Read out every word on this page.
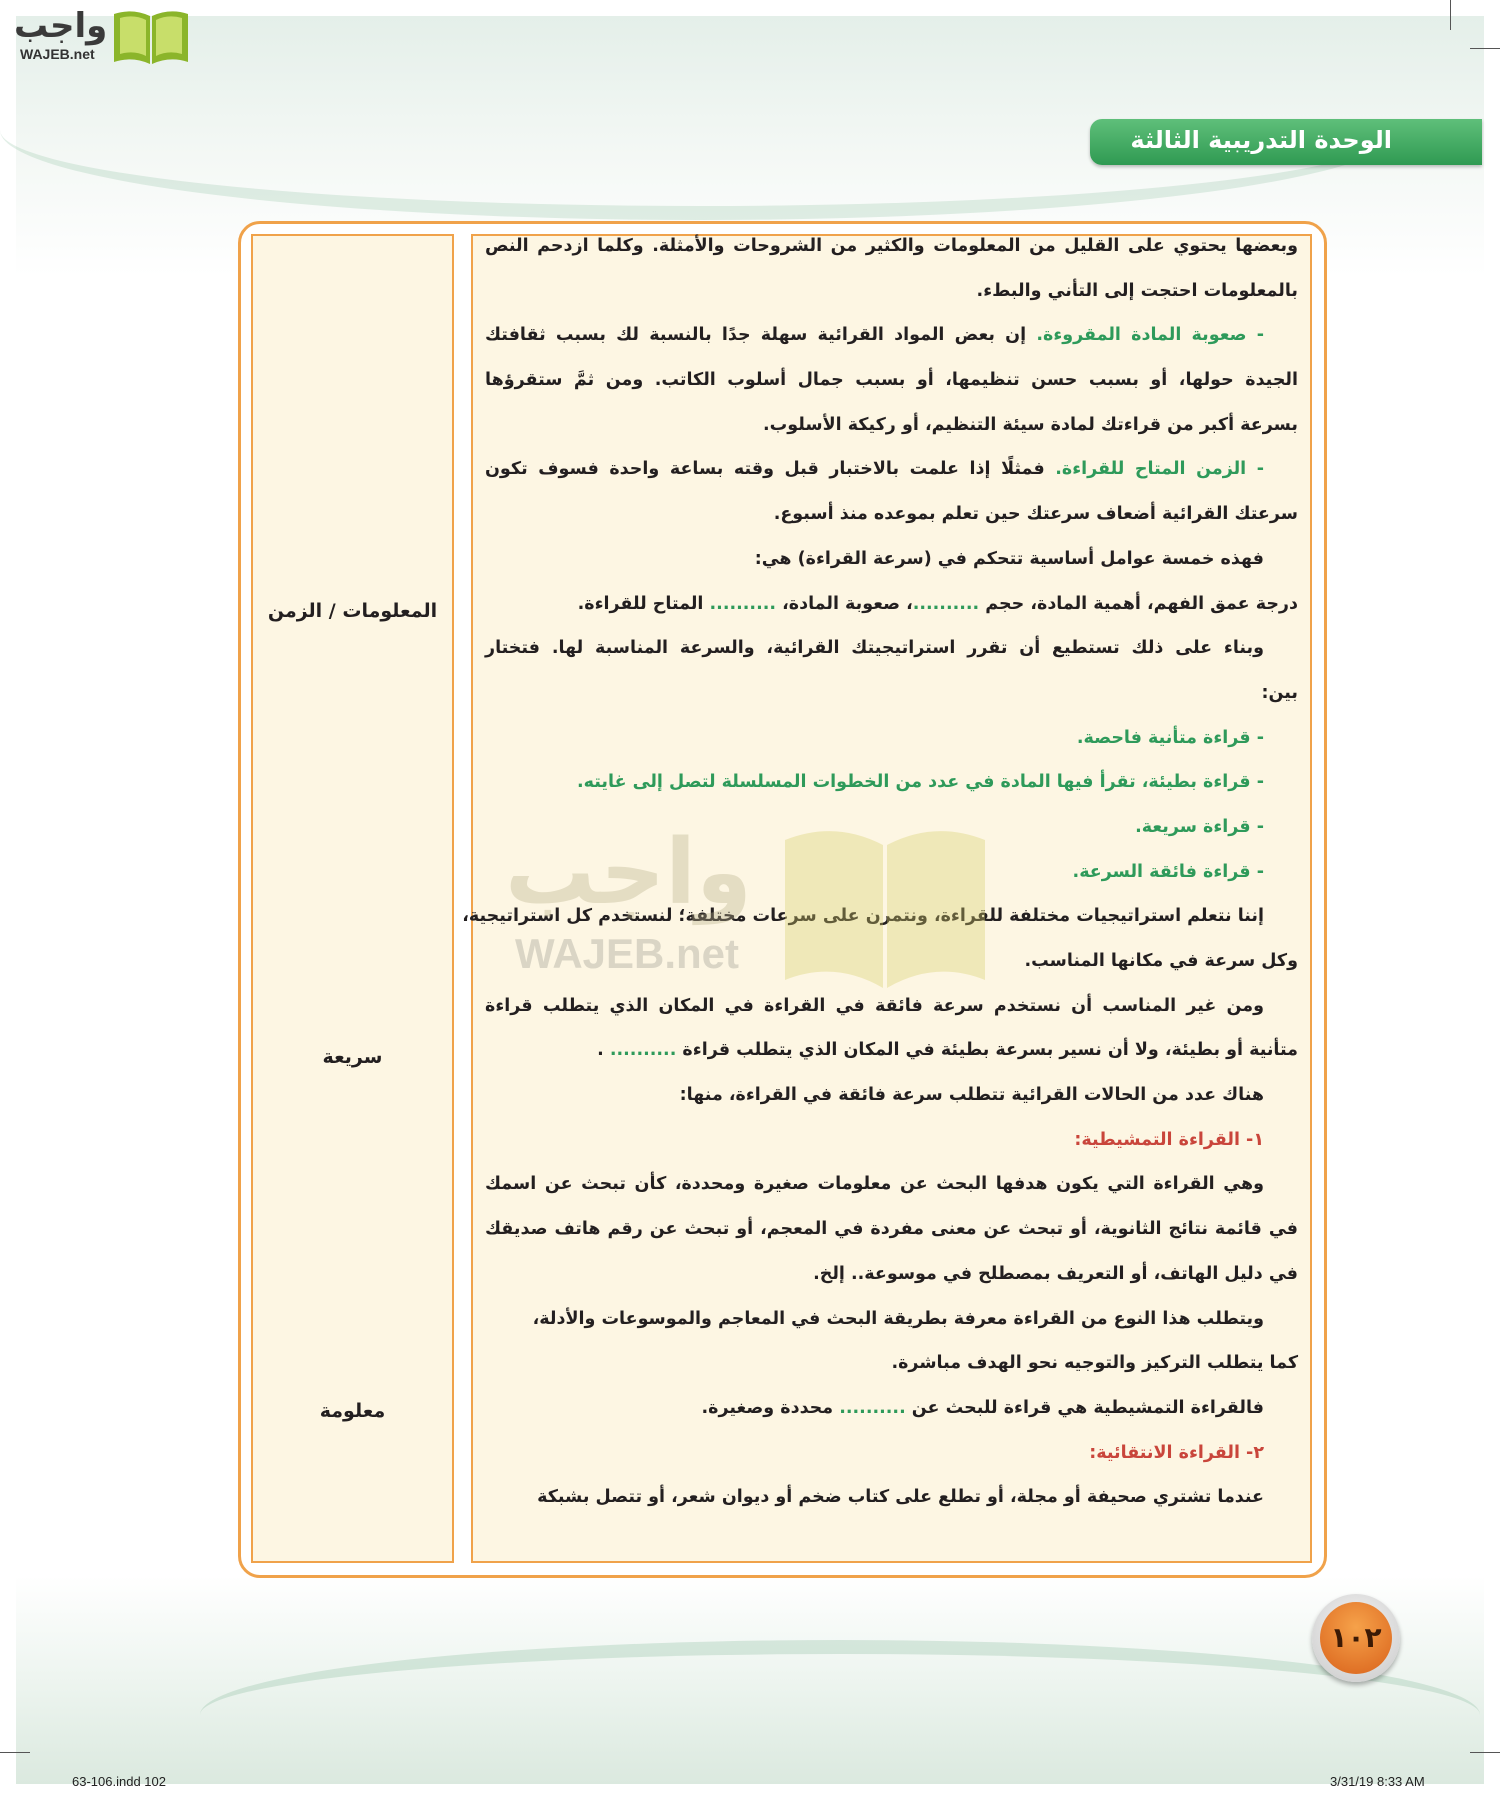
واجب
WAJEB.net
الوحدة التدريبية الثالثة
المعلومات / الزمن
سريعة
معلومة
وبعضها يحتوي على القليل من المعلومات والكثير من الشروحات والأمثلة. وكلما ازدحم النص
بالمعلومات احتجت إلى التأني والبطء.
- صعوبة المادة المقروءة. إن بعض المواد القرائية سهلة جدًا بالنسبة لك بسبب ثقافتك
الجيدة حولها، أو بسبب حسن تنظيمها، أو بسبب جمال أسلوب الكاتب. ومن ثمَّ ستقرؤها
بسرعة أكبر من قراءتك لمادة سيئة التنظيم، أو ركيكة الأسلوب.
- الزمن المتاح للقراءة. فمثلًا إذا علمت بالاختبار قبل وقته بساعة واحدة فسوف تكون
سرعتك القرائية أضعاف سرعتك حين تعلم بموعده منذ أسبوع.
فهذه خمسة عوامل أساسية تتحكم في (سرعة القراءة) هي:
درجة عمق الفهم، أهمية المادة، حجم ..........، صعوبة المادة، .......... المتاح للقراءة.
وبناء على ذلك تستطيع أن تقرر استراتيجيتك القرائية، والسرعة المناسبة لها. فتختار
بين:
- قراءة متأنية فاحصة.
- قراءة بطيئة، تقرأ فيها المادة في عدد من الخطوات المسلسلة لتصل إلى غايته.
- قراءة سريعة.
- قراءة فائقة السرعة.
إننا نتعلم استراتيجيات مختلفة للقراءة، ونتمرن على سرعات مختلفة؛ لنستخدم كل استراتيجية،
وكل سرعة في مكانها المناسب.
ومن غير المناسب أن نستخدم سرعة فائقة في القراءة في المكان الذي يتطلب قراءة
متأنية أو بطيئة، ولا أن نسير بسرعة بطيئة في المكان الذي يتطلب قراءة .......... .
هناك عدد من الحالات القرائية تتطلب سرعة فائقة في القراءة، منها:
١- القراءة التمشيطية:
وهي القراءة التي يكون هدفها البحث عن معلومات صغيرة ومحددة، كأن تبحث عن اسمك
في قائمة نتائج الثانوية، أو تبحث عن معنى مفردة في المعجم، أو تبحث عن رقم هاتف صديقك
في دليل الهاتف، أو التعريف بمصطلح في موسوعة.. إلخ.
ويتطلب هذا النوع من القراءة معرفة بطريقة البحث في المعاجم والموسوعات والأدلة،
كما يتطلب التركيز والتوجيه نحو الهدف مباشرة.
فالقراءة التمشيطية هي قراءة للبحث عن .......... محددة وصغيرة.
٢- القراءة الانتقائية:
عندما تشتري صحيفة أو مجلة، أو تطلع على كتاب ضخم أو ديوان شعر، أو تتصل بشبكة
واجب
WAJEB.net
١٠٢
63-106.indd 102	3/31/19 8:33 AM
